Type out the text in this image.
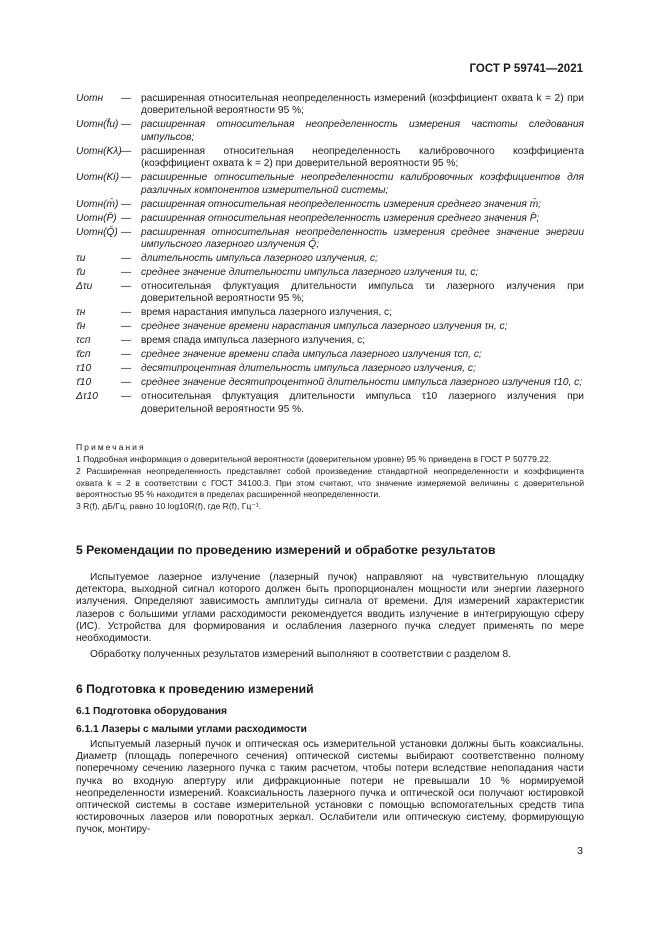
ГОСТ Р 59741—2021
Uотн	— расширенная относительная неопределенность измерений (коэффициент охвата k = 2) при доверительной вероятности 95 %;
Uотн(f̄и) — расширенная относительная неопределенность измерения частоты следования импульсов;
Uотн(Kλ) — расширенная относительная неопределенность калибровочного коэффициента (коэффициент охвата k = 2) при доверительной вероятности 95 %;
Uотн(Ki) — расширенные относительные неопределенности калибровочных коэффициентов для различных компонентов измерительной системы;
Uотн(m̄) — расширенная относительная неопределенность измерения среднего значения m̄;
Uотн(P̄) — расширенная относительная неопределенность измерения среднего значения P̄;
Uотн(Q̄) — расширенная относительная неопределенность измерения среднее значение энергии импульсного лазерного излучения Q̄;
τи	— длительность импульса лазерного излучения, с;
τ̄и	— среднее значение длительности импульса лазерного излучения τи, с;
Δτи	— относительная флуктуация длительности импульса τи лазерного излучения при доверительной вероятности 95 %;
τн	— время нарастания импульса лазерного излучения, с;
τ̄н	— среднее значение времени нарастания импульса лазерного излучения τн, с;
τсп	— время спада импульса лазерного излучения, с;
τ̄сп	— среднее значение времени спада импульса лазерного излучения τсп, с;
τ10	— десятипроцентная длительность импульса лазерного излучения, с;
τ̄10	— среднее значение десятипроцентной длительности импульса лазерного излучения τ10, с;
Δτ10	— относительная флуктуация длительности импульса τ10 лазерного излучения при доверительной вероятности 95 %.
Примечания
1 Подробная информация о доверительной вероятности (доверительном уровне) 95 % приведена в ГОСТ Р 50779.22.
2 Расширенная неопределенность представляет собой произведение стандартной неопределенности и коэффициента охвата k = 2 в соответствии с ГОСТ 34100.3. При этом считают, что значение измеряемой величины с доверительной вероятностью 95 % находится в пределах расширенной неопределенности.
3 R(f), дБ/Гц, равно 10 log10R(f), где R(f), Гц⁻¹.
5 Рекомендации по проведению измерений и обработке результатов
Испытуемое лазерное излучение (лазерный пучок) направляют на чувствительную площадку детектора, выходной сигнал которого должен быть пропорционален мощности или энергии лазерного излучения. Определяют зависимость амплитуды сигнала от времени. Для измерений характеристик лазеров с большими углами расходимости рекомендуется вводить излучение в интегрирующую сферу (ИС). Устройства для формирования и ослабления лазерного пучка следует применять по мере необходимости.
Обработку полученных результатов измерений выполняют в соответствии с разделом 8.
6 Подготовка к проведению измерений
6.1 Подготовка оборудования
6.1.1 Лазеры с малыми углами расходимости
Испытуемый лазерный пучок и оптическая ось измерительной установки должны быть коаксиальны. Диаметр (площадь поперечного сечения) оптической системы выбирают соответственно полному поперечному сечению лазерного пучка с таким расчетом, чтобы потери вследствие непопадания части пучка во входную апертуру или дифракционные потери не превышали 10 % нормируемой неопределенности измерений. Коаксиальность лазерного пучка и оптической оси получают юстировкой оптической системы в составе измерительной установки с помощью вспомогательных средств типа юстировочных лазеров или поворотных зеркал. Ослабители или оптическую систему, формирующую пучок, монтиру-
3
